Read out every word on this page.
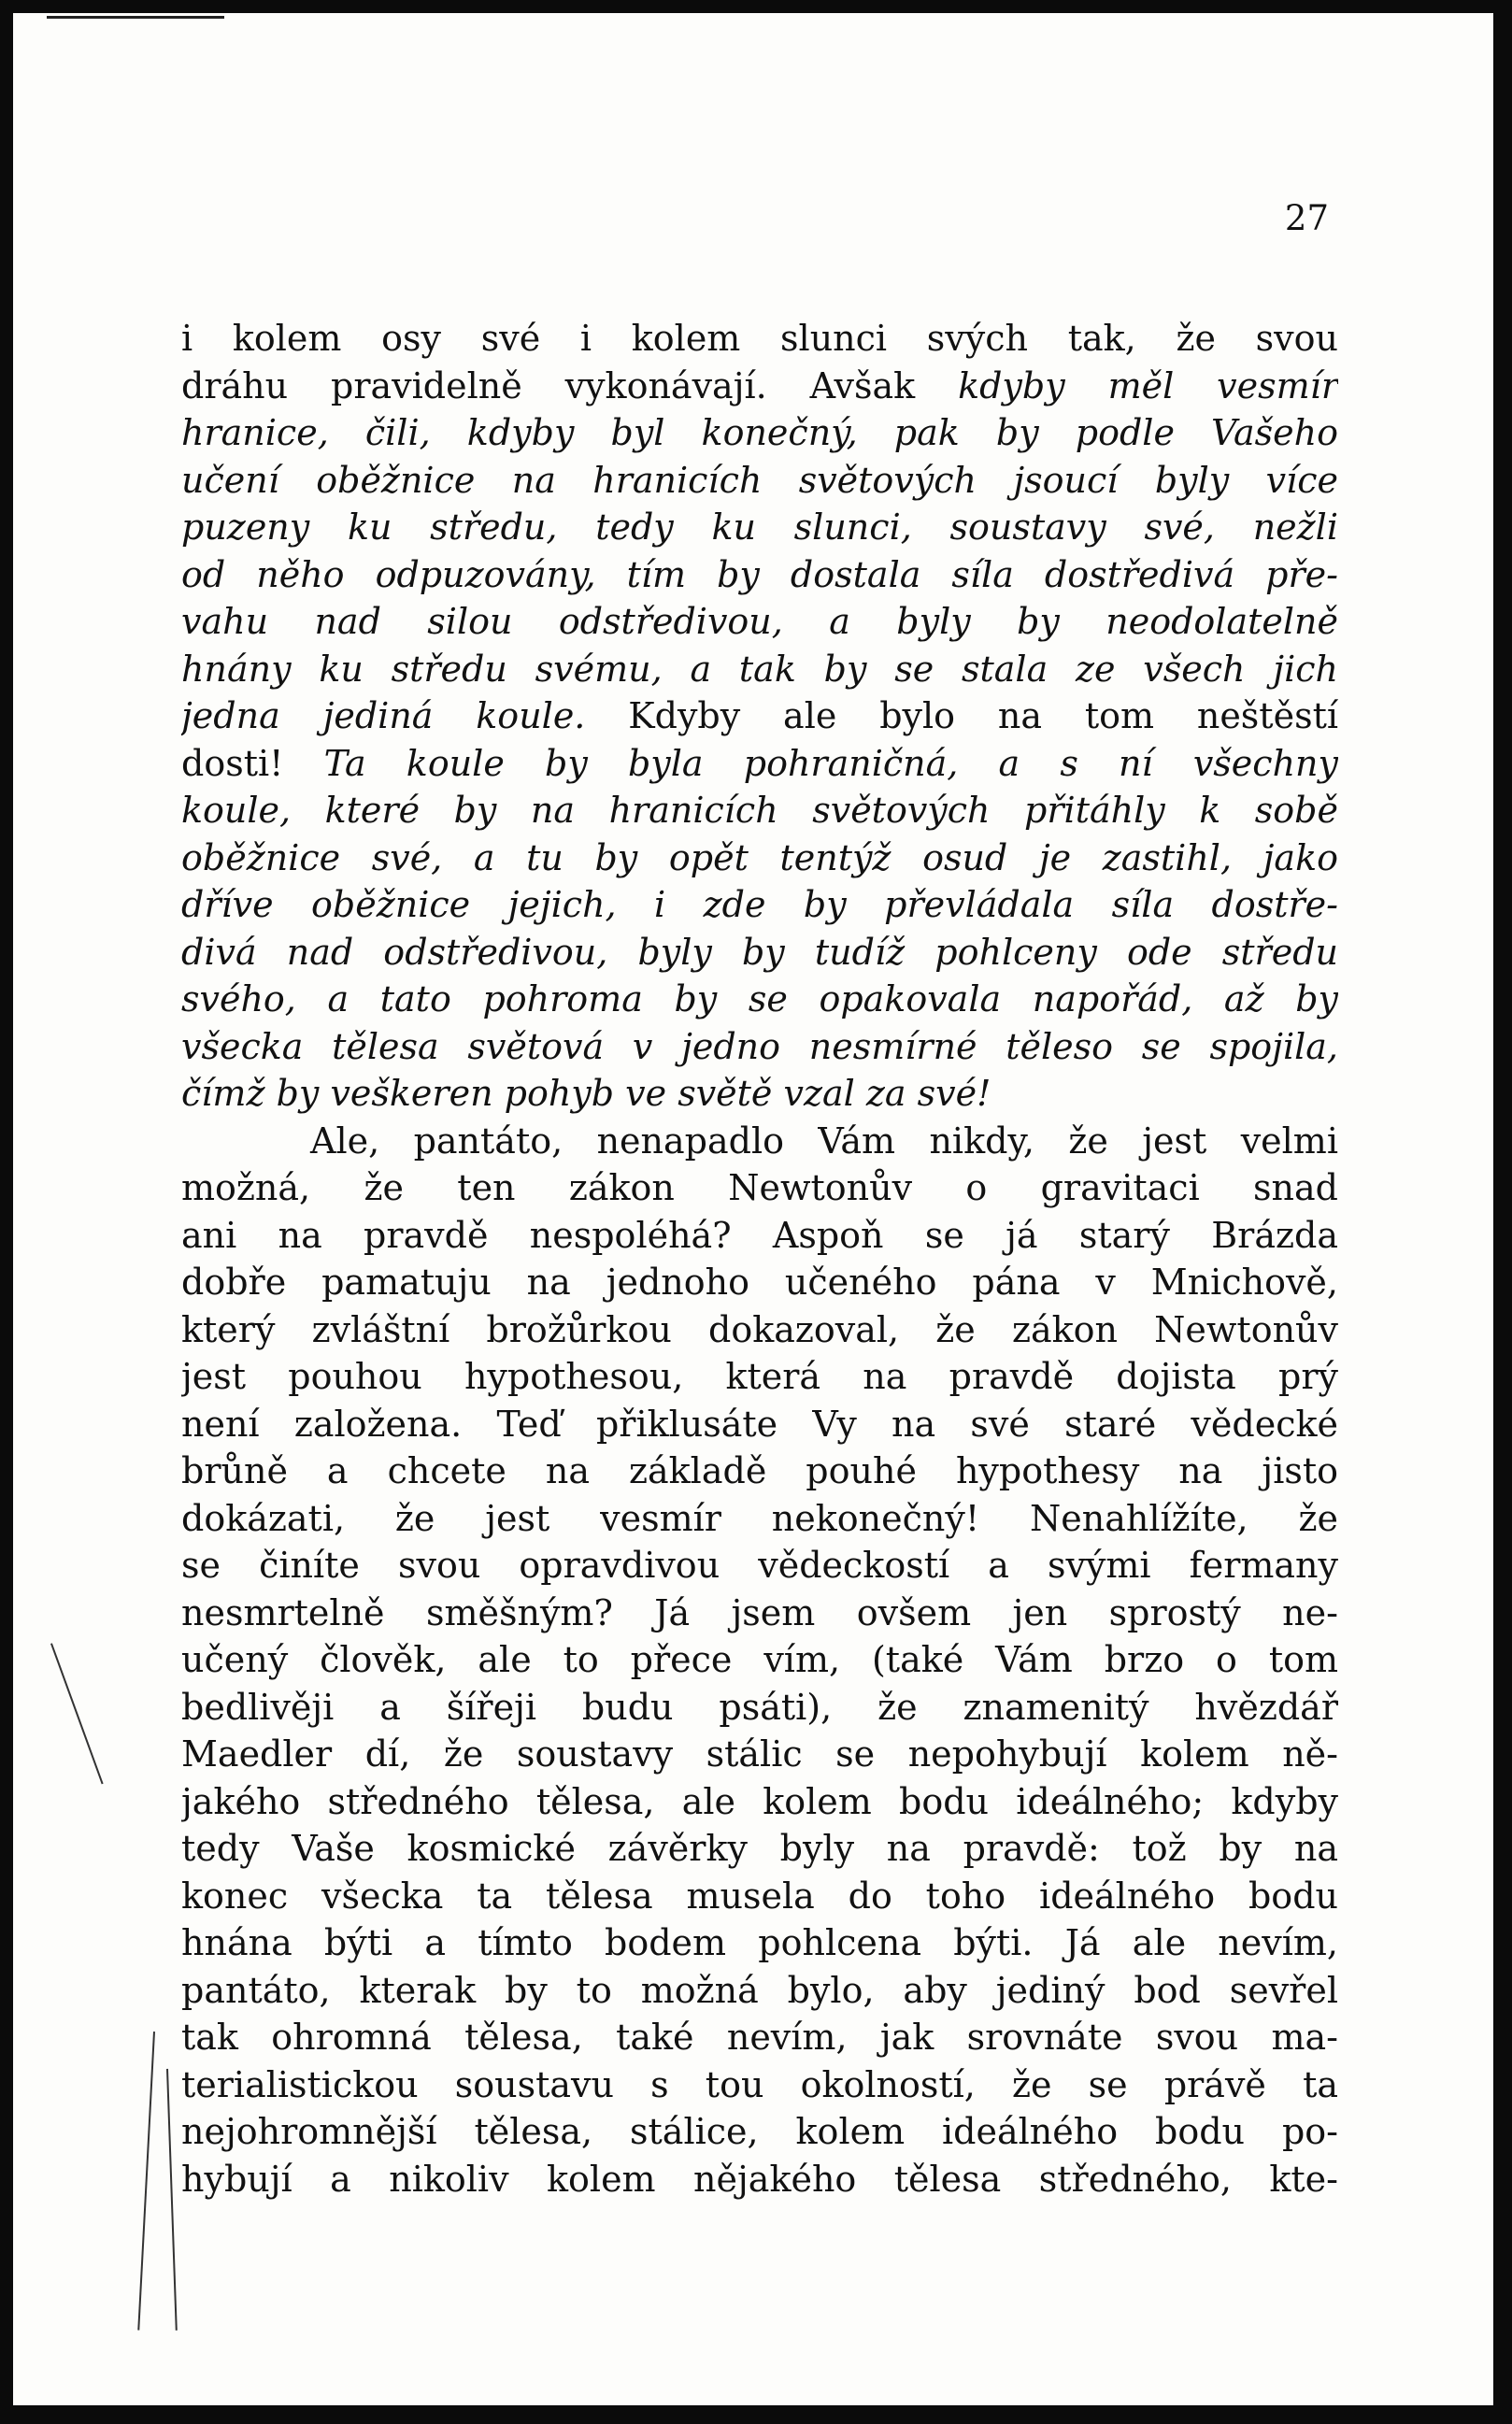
27
i kolem osy své i kolem slunci svých tak, že svou
dráhu pravidelně vykonávají. Avšak kdyby měl vesmír
hranice, čili, kdyby byl konečný, pak by podle Vašeho
učení oběžnice na hranicích světových jsoucí byly více
puzeny ku středu, tedy ku slunci, soustavy své, nežli
od něho odpuzovány, tím by dostala síla dostředivá pře-
vahu nad silou odstředivou, a byly by neodolatelně
hnány ku středu svému, a tak by se stala ze všech jich
jedna jediná koule. Kdyby ale bylo na tom neštěstí
dosti! Ta koule by byla pohraničná, a s ní všechny
koule, které by na hranicích světových přitáhly k sobě
oběžnice své, a tu by opět tentýž osud je zastihl, jako
dříve oběžnice jejich, i zde by převládala síla dostře-
divá nad odstředivou, byly by tudíž pohlceny ode středu
svého, a tato pohroma by se opakovala napořád, až by
všecka tělesa světová v jedno nesmírné těleso se spojila,
čímž by veškeren pohyb ve světě vzal za své!
Ale, pantáto, nenapadlo Vám nikdy, že jest velmi
možná, že ten zákon Newtonův o gravitaci snad
ani na pravdě nespoléhá? Aspoň se já starý Brázda
dobře pamatuju na jednoho učeného pána v Mnichově,
který zvláštní brožůrkou dokazoval, že zákon Newtonův
jest pouhou hypothesou, která na pravdě dojista prý
není založena. Teď přiklusáte Vy na své staré vědecké
brůně a chcete na základě pouhé hypothesy na jisto
dokázati, že jest vesmír nekonečný! Nenahlížíte, že
se činíte svou opravdivou vědeckostí a svými fermany
nesmrtelně směšným? Já jsem ovšem jen sprostý ne-
učený člověk, ale to přece vím, (také Vám brzo o tom
bedlivěji a šířeji budu psáti), že znamenitý hvězdář
Maedler dí, že soustavy stálic se nepohybují kolem ně-
jakého středného tělesa, ale kolem bodu ideálného; kdyby
tedy Vaše kosmické závěrky byly na pravdě: tož by na
konec všecka ta tělesa musela do toho ideálného bodu
hnána býti a tímto bodem pohlcena býti. Já ale nevím,
pantáto, kterak by to možná bylo, aby jediný bod sevřel
tak ohromná tělesa, také nevím, jak srovnáte svou ma-
terialistickou soustavu s tou okolností, že se právě ta
nejohromnější tělesa, stálice, kolem ideálného bodu po-
hybují a nikoliv kolem nějakého tělesa středného, kte-
